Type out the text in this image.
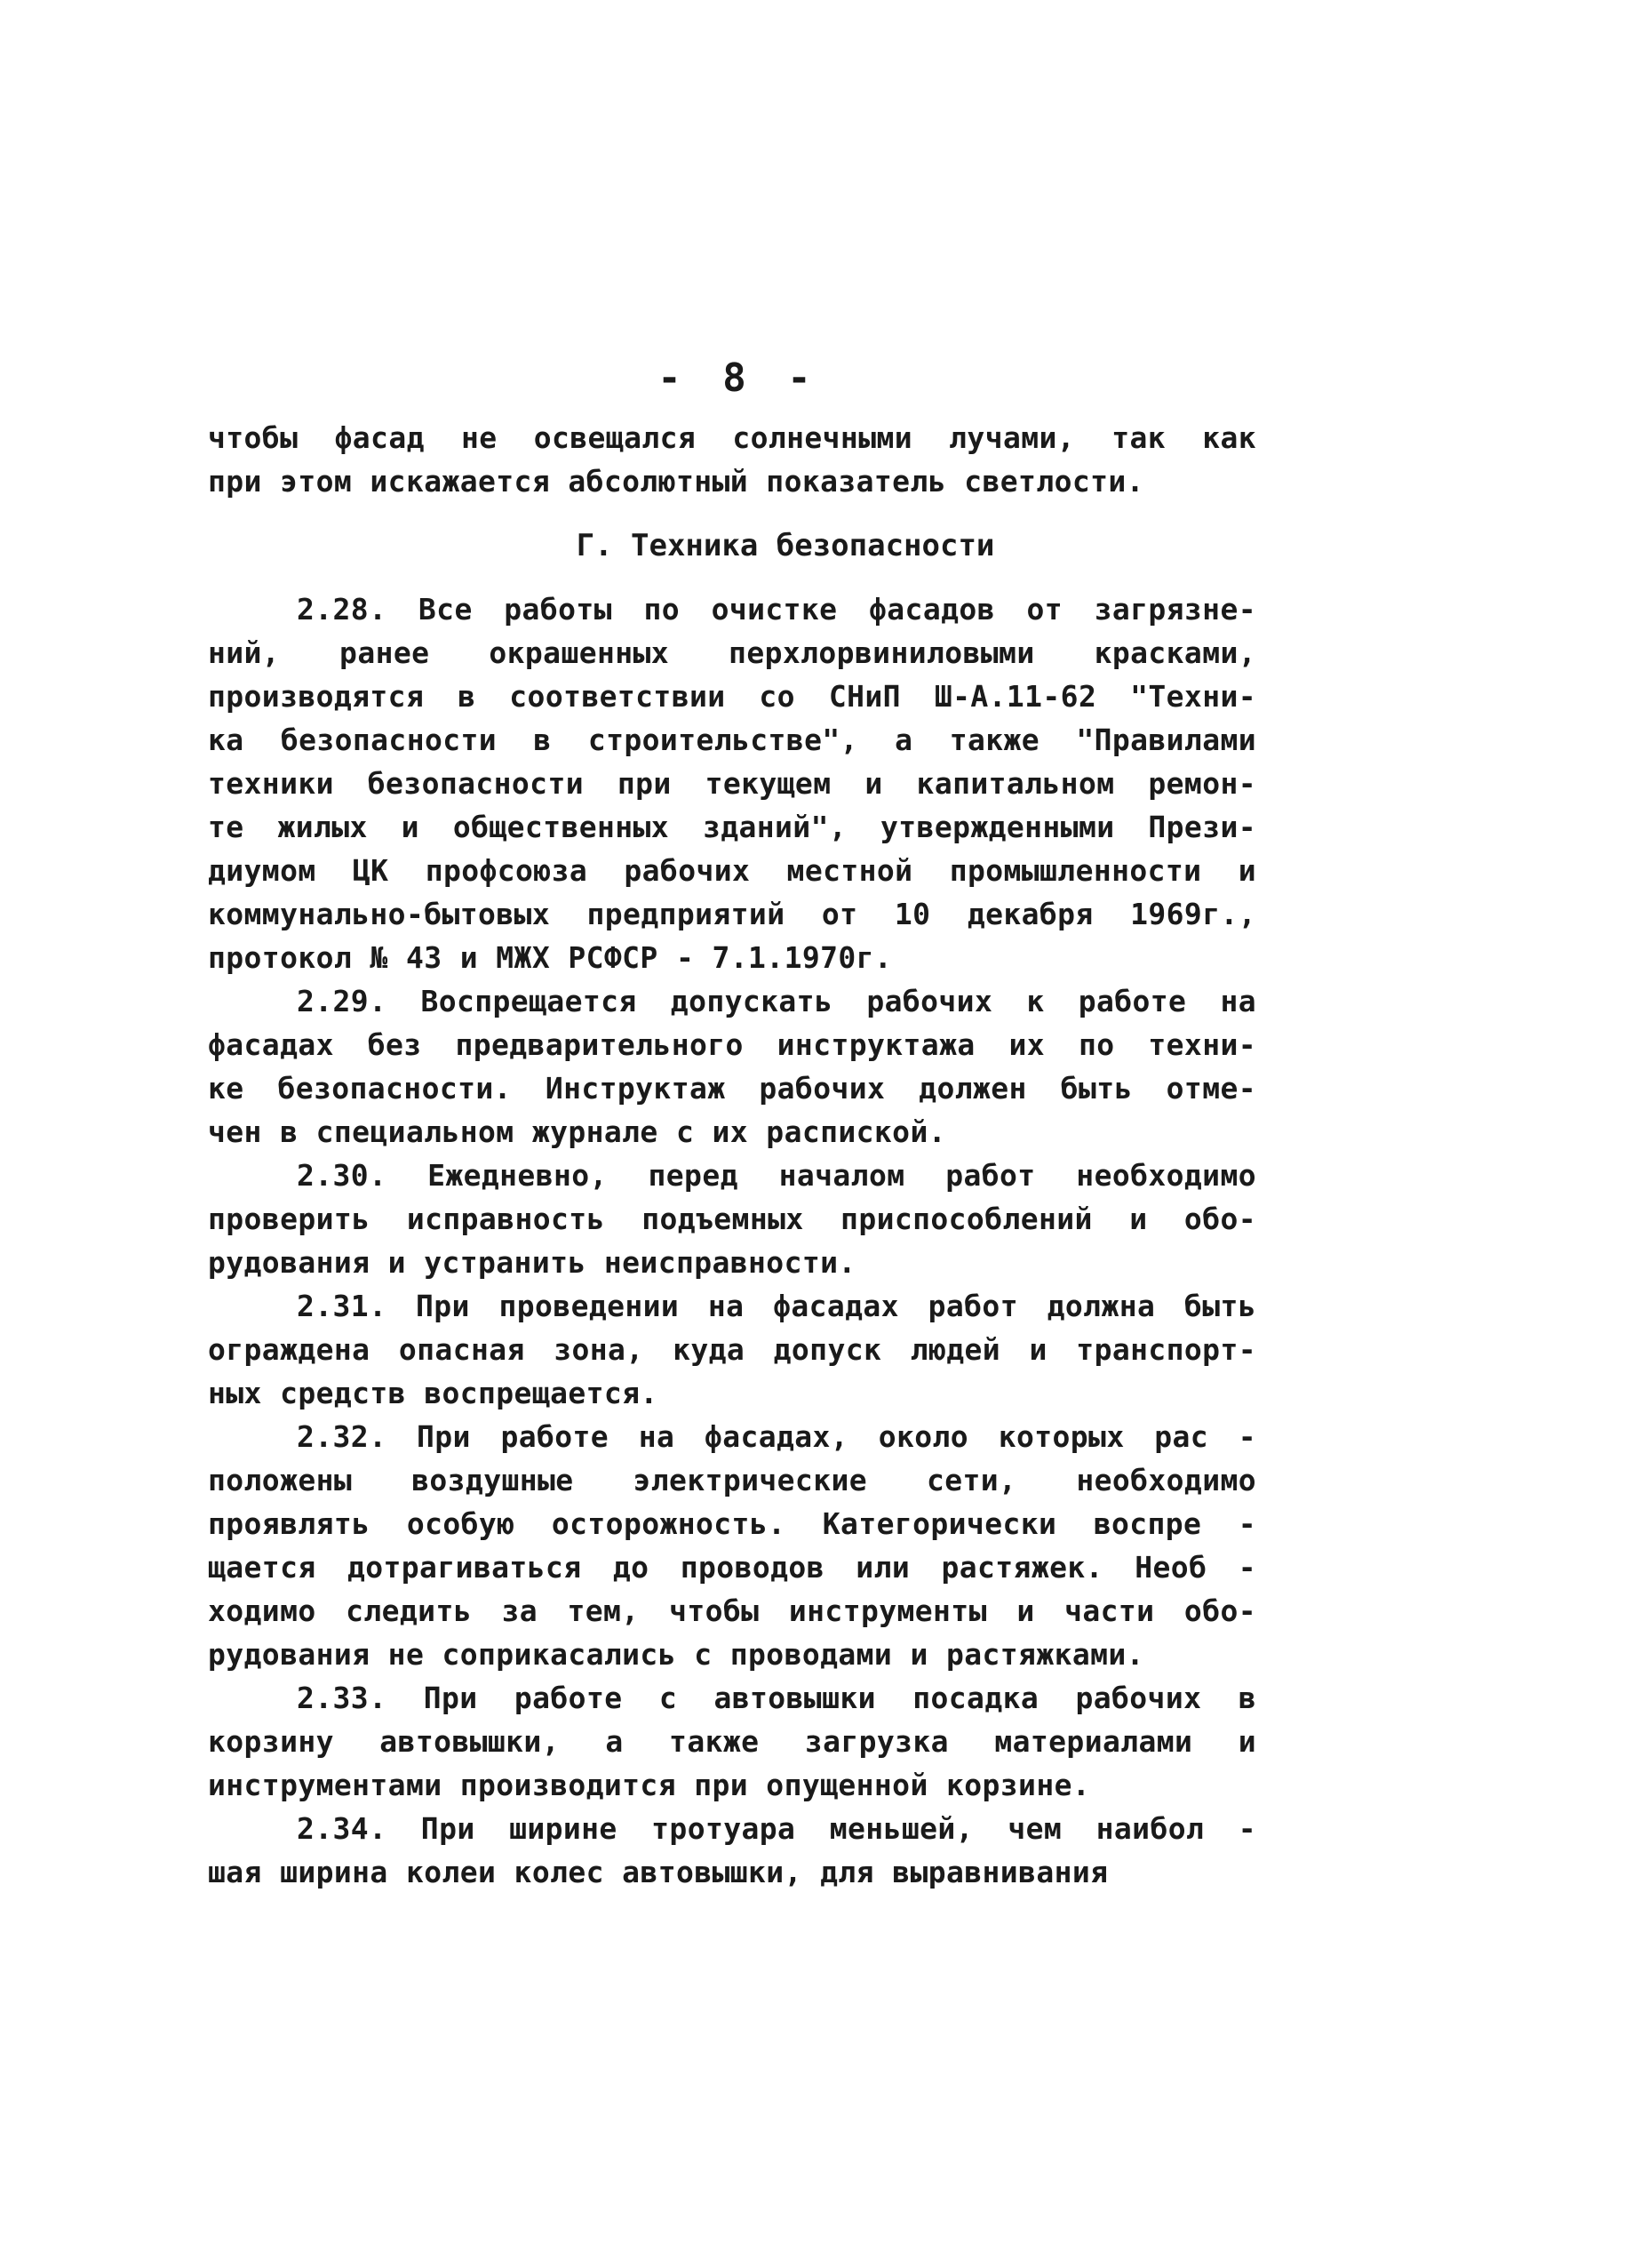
- 8 -
чтобы фасад не освещался солнечными лучами, так как
при этом искажается абсолютный показатель светлости.
Г. Техника безопасности
2.28. Все работы по очистке фасадов от загрязне-
ний, ранее окрашенных перхлорвиниловыми красками,
производятся в соответствии со СНиП Ш-А.11-62 "Техни-
ка безопасности в строительстве", а также "Правилами
техники безопасности при текущем и капитальном ремон-
те жилых и общественных зданий", утвержденными Прези-
диумом ЦК профсоюза рабочих местной промышленности и
коммунально-бытовых предприятий от 10 декабря 1969г.,
протокол № 43 и МЖХ РСФСР - 7.1.1970г.
2.29. Воспрещается допускать рабочих к работе на
фасадах без предварительного инструктажа их по техни-
ке безопасности. Инструктаж рабочих должен быть отме-
чен в специальном журнале с их распиской.
2.30. Ежедневно, перед началом работ необходимо
проверить исправность подъемных приспособлений и обо-
рудования и устранить неисправности.
2.31. При проведении на фасадах работ должна быть
ограждена опасная зона, куда допуск людей и транспорт-
ных средств воспрещается.
2.32. При работе на фасадах, около которых рас -
положены воздушные электрические сети, необходимо
проявлять особую осторожность. Категорически воспре -
щается дотрагиваться до проводов или растяжек. Необ -
ходимо следить за тем, чтобы инструменты и части обо-
рудования не соприкасались с проводами и растяжками.
2.33. При работе с автовышки посадка рабочих в
корзину автовышки, а также загрузка материалами и
инструментами производится при опущенной корзине.
2.34. При ширине тротуара меньшей, чем наибол -
шая ширина колеи колес автовышки, для выравнивания
